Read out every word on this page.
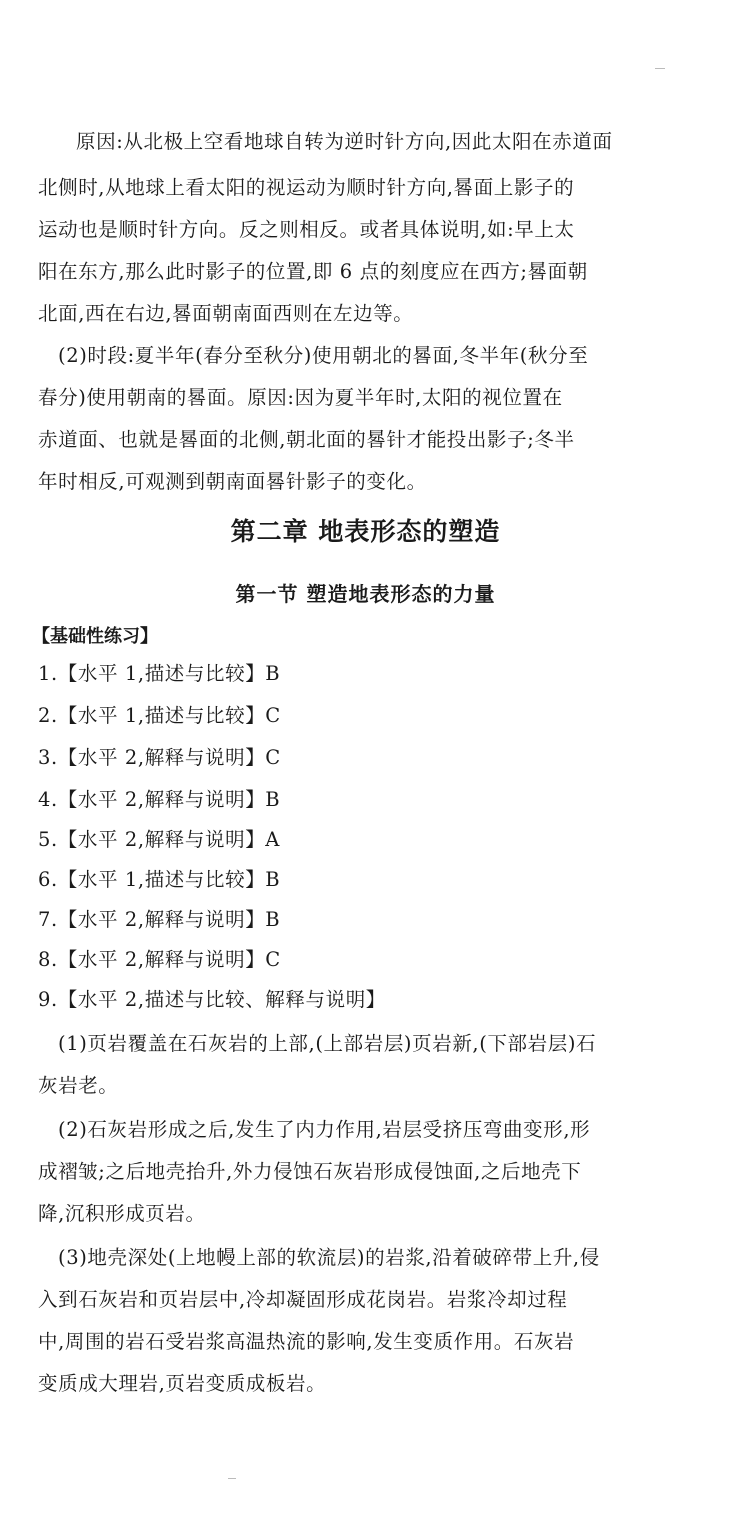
原因:从北极上空看地球自转为逆时针方向,因此太阳在赤道面
北侧时,从地球上看太阳的视运动为顺时针方向,晷面上影子的
运动也是顺时针方向。反之则相反。或者具体说明,如:早上太
阳在东方,那么此时影子的位置,即 6 点的刻度应在西方;晷面朝
北面,西在右边,晷面朝南面西则在左边等。
(2)时段:夏半年(春分至秋分)使用朝北的晷面,冬半年(秋分至
春分)使用朝南的晷面。原因:因为夏半年时,太阳的视位置在
赤道面、也就是晷面的北侧,朝北面的晷针才能投出影子;冬半
年时相反,可观测到朝南面晷针影子的变化。
第二章 地表形态的塑造
第一节 塑造地表形态的力量
【基础性练习】
1.【水平 1,描述与比较】B
2.【水平 1,描述与比较】C
3.【水平 2,解释与说明】C
4.【水平 2,解释与说明】B
5.【水平 2,解释与说明】A
6.【水平 1,描述与比较】B
7.【水平 2,解释与说明】B
8.【水平 2,解释与说明】C
9.【水平 2,描述与比较、解释与说明】
(1)页岩覆盖在石灰岩的上部,(上部岩层)页岩新,(下部岩层)石
灰岩老。
(2)石灰岩形成之后,发生了内力作用,岩层受挤压弯曲变形,形
成褶皱;之后地壳抬升,外力侵蚀石灰岩形成侵蚀面,之后地壳下
降,沉积形成页岩。
(3)地壳深处(上地幔上部的软流层)的岩浆,沿着破碎带上升,侵
入到石灰岩和页岩层中,冷却凝固形成花岗岩。岩浆冷却过程
中,周围的岩石受岩浆高温热流的影响,发生变质作用。石灰岩
变质成大理岩,页岩变质成板岩。
